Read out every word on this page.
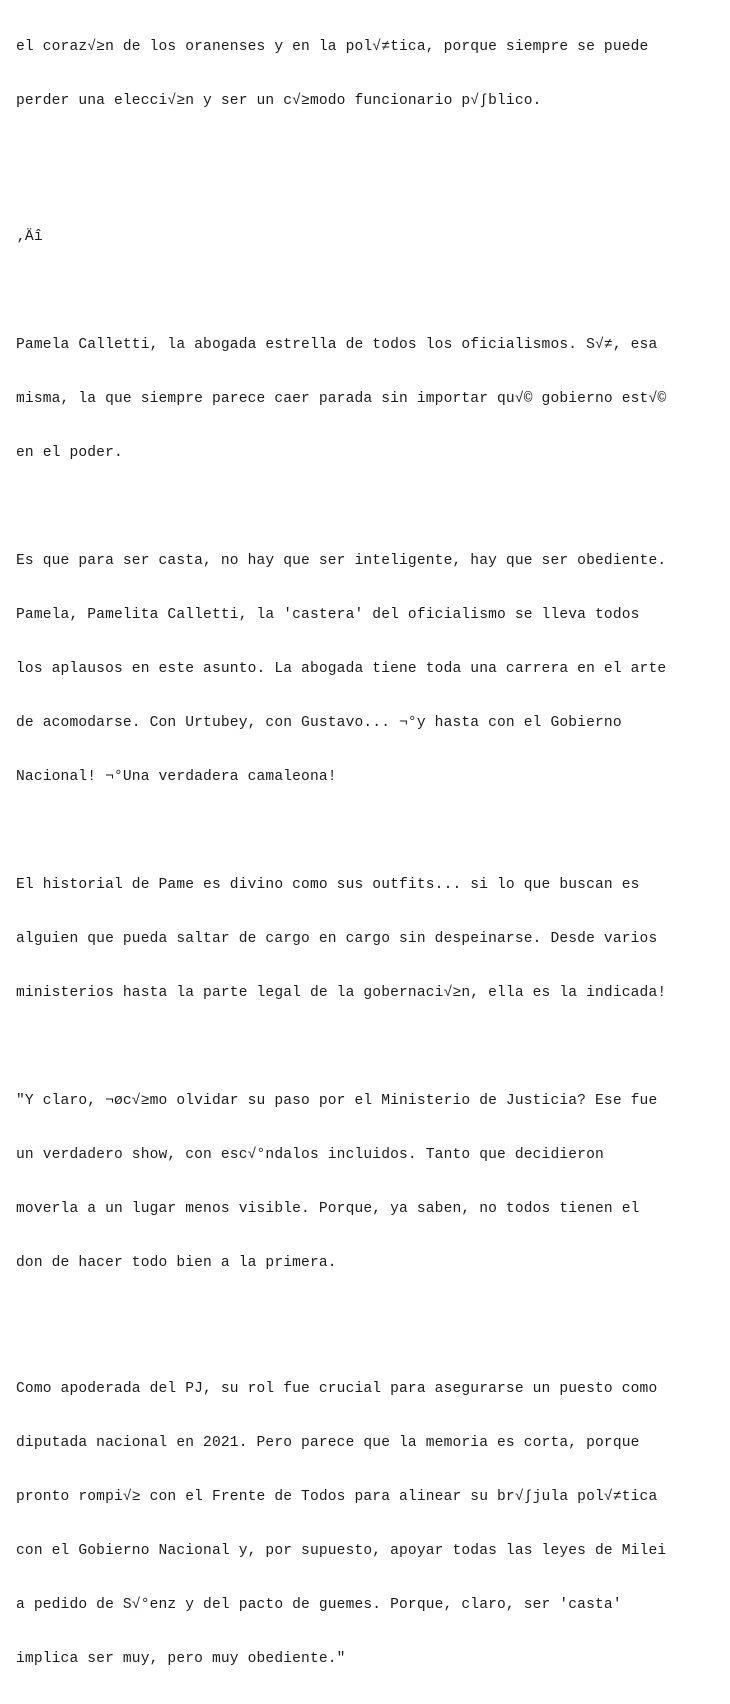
el coraz√≥n de los oranenses y en la pol√≠tica, porque siempre se puede

perder una elecci√≥n y ser un c√≥modo funcionario p√∫blico.

‚Äî

Pamela Calletti, la abogada estrella de todos los oficialismos. S√≠, esa

misma, la que siempre parece caer parada sin importar qu√© gobierno est√©

en el poder.

Es que para ser casta, no hay que ser inteligente, hay que ser obediente.

Pamela, Pamelita Calletti, la 'castera' del oficialismo se lleva todos

los aplausos en este asunto. La abogada tiene toda una carrera en el arte

de acomodarse. Con Urtubey, con Gustavo... ¬°y hasta con el Gobierno

Nacional! ¬°Una verdadera camaleona!

El historial de Pame es divino como sus outfits... si lo que buscan es

alguien que pueda saltar de cargo en cargo sin despeinarse. Desde varios

ministerios hasta la parte legal de la gobernaci√≥n, ella es la indicada!

"Y claro, ¬øc√≥mo olvidar su paso por el Ministerio de Justicia? Ese fue

un verdadero show, con esc√°ndalos incluidos. Tanto que decidieron

moverla a un lugar menos visible. Porque, ya saben, no todos tienen el

don de hacer todo bien a la primera.

Como apoderada del PJ, su rol fue crucial para asegurarse un puesto como

diputada nacional en 2021. Pero parece que la memoria es corta, porque

pronto rompi√≥ con el Frente de Todos para alinear su br√∫jula pol√≠tica

con el Gobierno Nacional y, por supuesto, apoyar todas las leyes de Milei

a pedido de S√°enz y del pacto de guemes. Porque, claro, ser 'casta'

implica ser muy, pero muy obediente."
